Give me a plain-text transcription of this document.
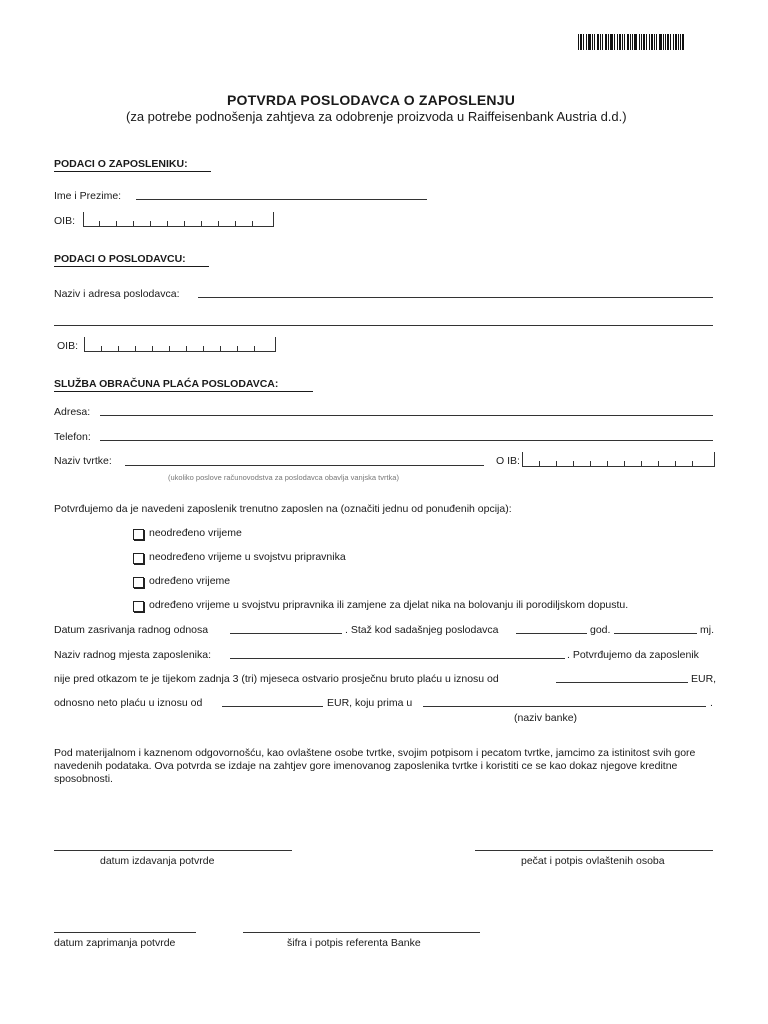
POTVRDA POSLODAVCA O ZAPOSLENJU
(za potrebe podnošenja zahtjeva za odobrenje proizvoda u Raiffeisenbank Austria d.d.)
PODACI O ZAPOSLENIKU:
Ime i Prezime:
OIB:
PODACI O POSLODAVCU:
Naziv i adresa poslodavca:
OIB:
SLUŽBA OBRAČUNA PLAĆA POSLODAVCA:
Adresa:
Telefon:
Naziv tvrtke:
(ukoliko poslove računovodstva za poslodavca obavlja vanjska tvrtka)
O IB:
Potvrđujemo da je navedeni zaposlenik trenutno zaposlen na (označiti jednu od ponuđenih opcija):
neodređeno vrijeme
neodređeno vrijeme u svojstvu pripravnika
određeno vrijeme
određeno vrijeme u svojstvu pripravnika ili zamjene za djelat nika na bolovanju ili porodiljskom dopustu.
Datum zasrivanja radnog odnosa	. Staž kod sadašnjeg poslodavca	god.	mj.
Naziv radnog mjesta zaposlenika:	. Potvrđujemo da zaposlenik
nije pred otkazom te je tijekom zadnja 3 (tri) mjeseca ostvario prosječnu bruto plaću u iznosu od	EUR,
odnosno neto plaću u iznosu od	EUR, koju prima u	.
(naziv banke)
Pod materijalnom i kaznenom odgovornošću, kao ovlaštene osobe tvrtke, svojim potpisom i pecatom tvrtke, jamcimo za istinitost svih gore navedenih podataka. Ova potvrda se izdaje na zahtjev gore imenovanog zaposlenika tvrtke i koristiti ce se kao dokaz njegove kreditne sposobnosti.
datum izdavanja potvrde	pečat i potpis ovlaštenih osoba
datum zaprimanja potvrde	šifra i potpis referenta Banke
